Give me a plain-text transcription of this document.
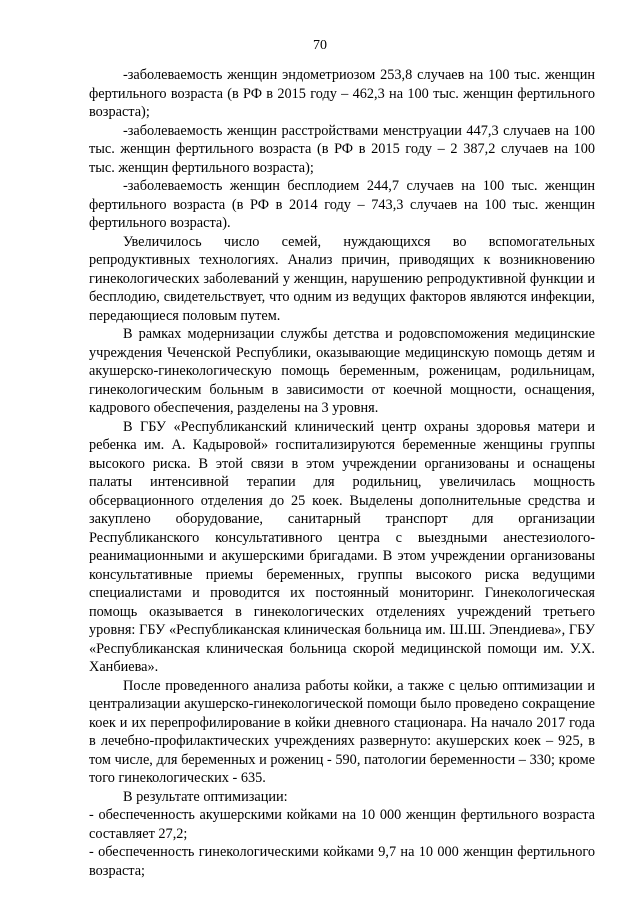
70

-заболеваемость женщин эндометриозом 253,8 случаев на 100 тыс. женщин фертильного возраста (в РФ в 2015 году – 462,3 на 100 тыс. женщин фертильного возраста);

-заболеваемость женщин расстройствами менструации 447,3 случаев на 100 тыс. женщин фертильного возраста (в РФ в 2015 году – 2 387,2 случаев на 100 тыс. женщин фертильного возраста);

-заболеваемость женщин бесплодием 244,7 случаев на 100 тыс. женщин фертильного возраста (в РФ в 2014 году – 743,3 случаев на 100 тыс. женщин фертильного возраста).

Увеличилось число семей, нуждающихся во вспомогательных репродуктивных технологиях. Анализ причин, приводящих к возникновению гинекологических заболеваний у женщин, нарушению репродуктивной функции и бесплодию, свидетельствует, что одним из ведущих факторов являются инфекции, передающиеся половым путем.

В рамках модернизации службы детства и родовспоможения медицинские учреждения Чеченской Республики, оказывающие медицинскую помощь детям и акушерско-гинекологическую помощь беременным, роженицам, родильницам, гинекологическим больным в зависимости от коечной мощности, оснащения, кадрового обеспечения, разделены на 3 уровня.

В ГБУ «Республиканский клинический центр охраны здоровья матери и ребенка им. А. Кадыровой» госпитализируются беременные женщины группы высокого риска. В этой связи в этом учреждении организованы и оснащены палаты интенсивной терапии для родильниц, увеличилась мощность обсервационного отделения до 25 коек. Выделены дополнительные средства и закуплено оборудование, санитарный транспорт для организации Республиканского консультативного центра с выездными анестезиолого-реанимационными и акушерскими бригадами. В этом учреждении организованы консультативные приемы беременных, группы высокого риска ведущими специалистами и проводится их постоянный мониторинг. Гинекологическая помощь оказывается в гинекологических отделениях учреждений третьего уровня: ГБУ «Республиканская клиническая больница им. Ш.Ш. Эпендиева», ГБУ «Республиканская клиническая больница скорой медицинской помощи им. У.Х. Ханбиева».

После проведенного анализа работы койки, а также с целью оптимизации и централизации акушерско-гинекологической помощи было проведено сокращение коек и их перепрофилирование в койки дневного стационара. На начало 2017 года в лечебно-профилактических учреждениях развернуто: акушерских коек – 925, в том числе, для беременных и рожениц - 590, патологии беременности – 330; кроме того гинекологических - 635.

В результате оптимизации:

- обеспеченность акушерскими койками на 10 000 женщин фертильного возраста составляет 27,2;

- обеспеченность гинекологическими койками 9,7 на 10 000 женщин фертильного возраста;
